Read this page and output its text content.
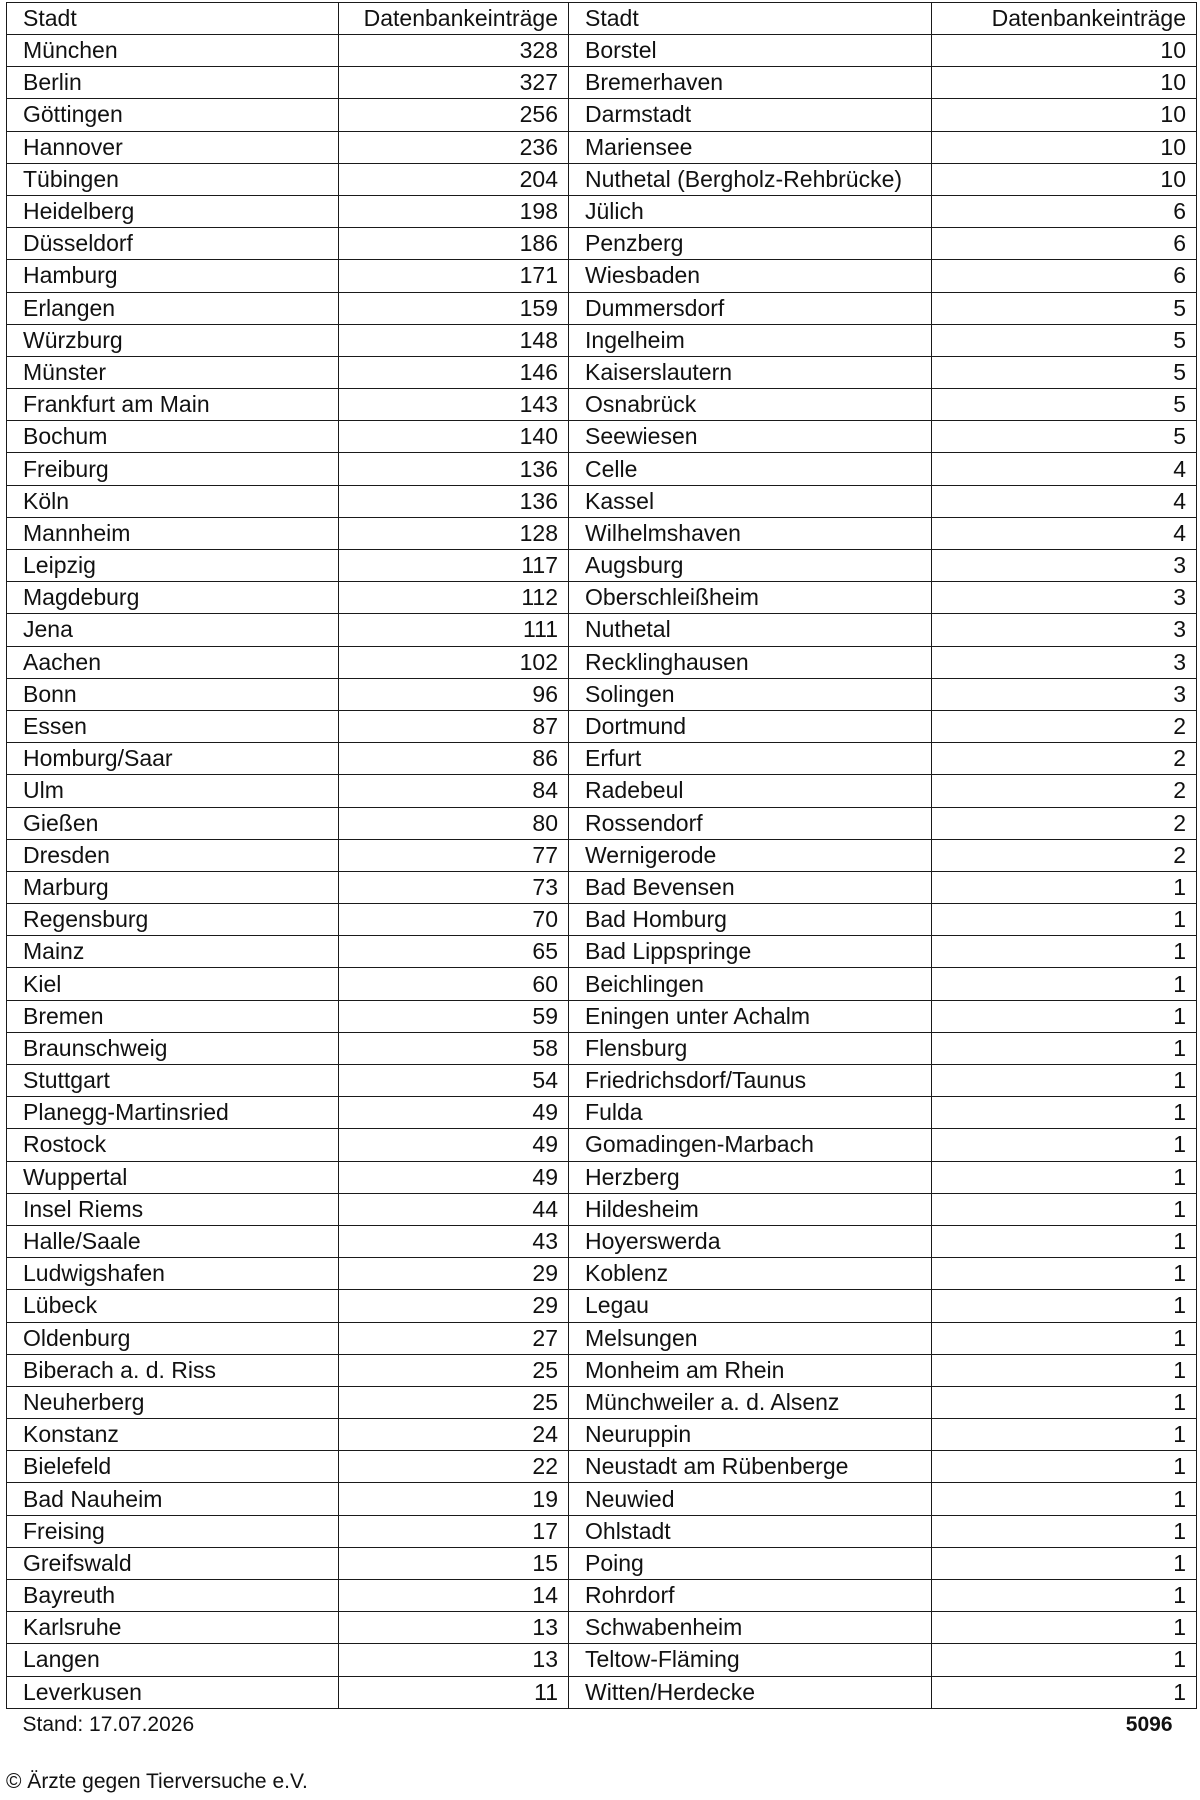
Stadt	Datenbankeinträge	Stadt	Datenbankeinträge
München	328	Borstel	10
Berlin	327	Bremerhaven	10
Göttingen	256	Darmstadt	10
Hannover	236	Mariensee	10
Tübingen	204	Nuthetal (Bergholz-Rehbrücke)	10
Heidelberg	198	Jülich	6
Düsseldorf	186	Penzberg	6
Hamburg	171	Wiesbaden	6
Erlangen	159	Dummersdorf	5
Würzburg	148	Ingelheim	5
Münster	146	Kaiserslautern	5
Frankfurt am Main	143	Osnabrück	5
Bochum	140	Seewiesen	5
Freiburg	136	Celle	4
Köln	136	Kassel	4
Mannheim	128	Wilhelmshaven	4
Leipzig	117	Augsburg	3
Magdeburg	112	Oberschleißheim	3
Jena	111	Nuthetal	3
Aachen	102	Recklinghausen	3
Bonn	96	Solingen	3
Essen	87	Dortmund	2
Homburg/Saar	86	Erfurt	2
Ulm	84	Radebeul	2
Gießen	80	Rossendorf	2
Dresden	77	Wernigerode	2
Marburg	73	Bad Bevensen	1
Regensburg	70	Bad Homburg	1
Mainz	65	Bad Lippspringe	1
Kiel	60	Beichlingen	1
Bremen	59	Eningen unter Achalm	1
Braunschweig	58	Flensburg	1
Stuttgart	54	Friedrichsdorf/Taunus	1
Planegg-Martinsried	49	Fulda	1
Rostock	49	Gomadingen-Marbach	1
Wuppertal	49	Herzberg	1
Insel Riems	44	Hildesheim	1
Halle/Saale	43	Hoyerswerda	1
Ludwigshafen	29	Koblenz	1
Lübeck	29	Legau	1
Oldenburg	27	Melsungen	1
Biberach a. d. Riss	25	Monheim am Rhein	1
Neuherberg	25	Münchweiler a. d. Alsenz	1
Konstanz	24	Neuruppin	1
Bielefeld	22	Neustadt am Rübenberge	1
Bad Nauheim	19	Neuwied	1
Freising	17	Ohlstadt	1
Greifswald	15	Poing	1
Bayreuth	14	Rohrdorf	1
Karlsruhe	13	Schwabenheim	1
Langen	13	Teltow-Fläming	1
Leverkusen	11	Witten/Herdecke	1
Stand: 17.07.2026		5096	
© Ärzte gegen Tierversuche e.V.
